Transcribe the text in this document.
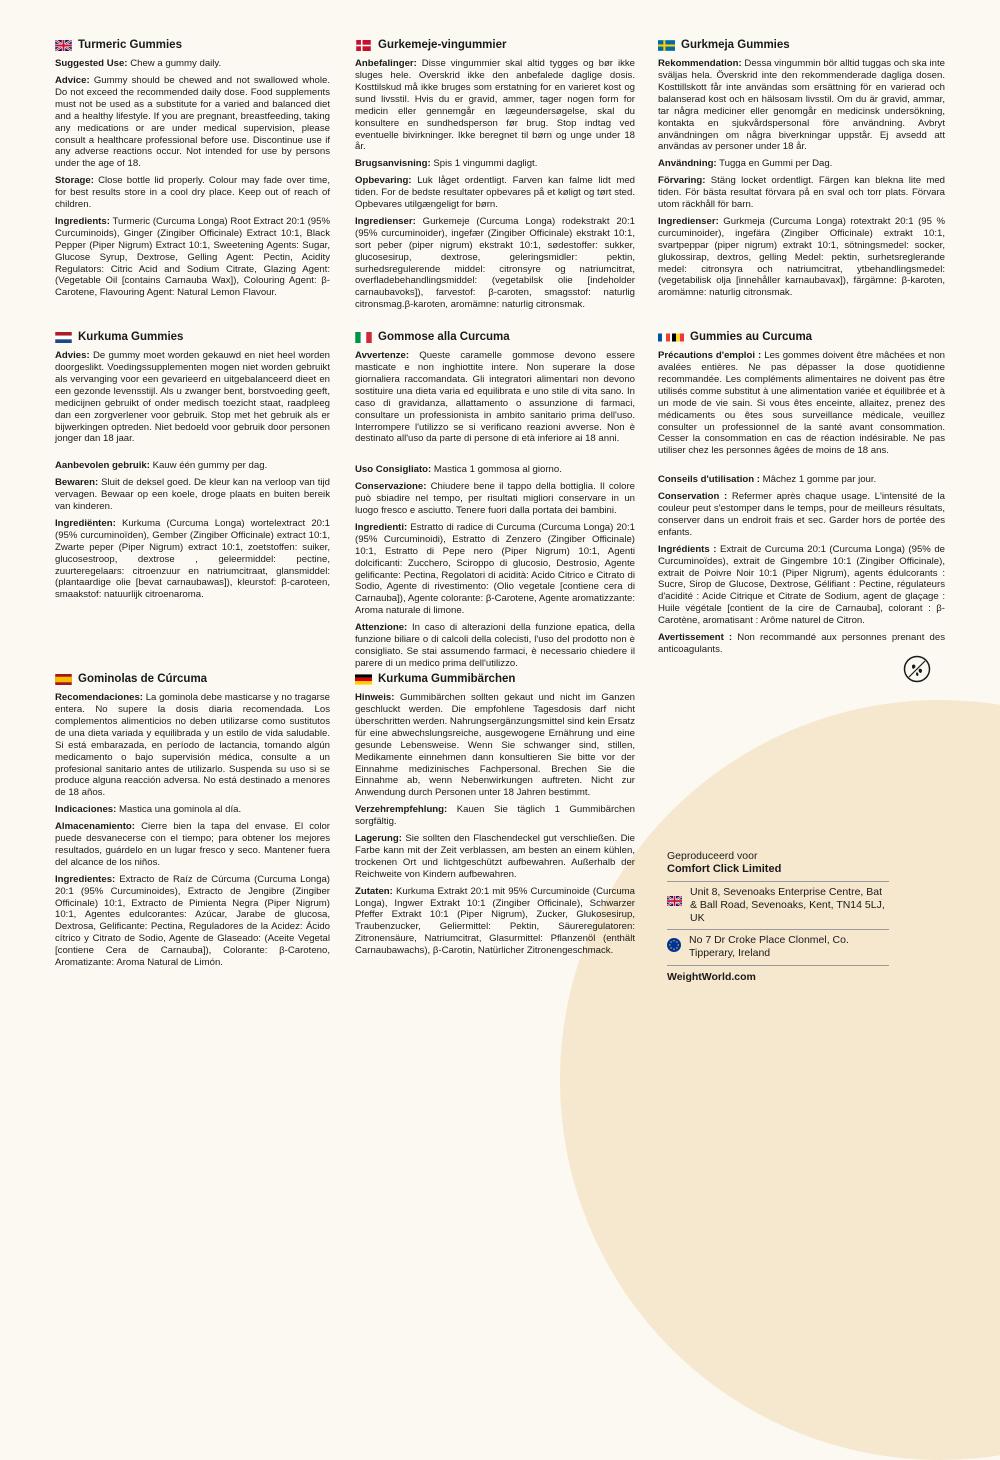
Turmeric Gummies

Suggested Use: Chew a gummy daily.

Advice: Gummy should be chewed and not swallowed whole. Do not exceed the recommended daily dose. Food supplements must not be used as a substitute for a varied and balanced diet and a healthy lifestyle. If you are pregnant, breastfeeding, taking any medications or are under medical supervision, please consult a healthcare professional before use. Discontinue use if any adverse reactions occur. Not intended for use by persons under the age of 18.

Storage: Close bottle lid properly. Colour may fade over time, for best results store in a cool dry place. Keep out of reach of children.

Ingredients: Turmeric (Curcuma Longa) Root Extract 20:1 (95% Curcuminoids), Ginger (Zingiber Officinale) Extract 10:1, Black Pepper (Piper Nigrum) Extract 10:1, Sweetening Agents: Sugar, Glucose Syrup, Dextrose, Gelling Agent: Pectin, Acidity Regulators: Citric Acid and Sodium Citrate, Glazing Agent: (Vegetable Oil [contains Carnauba Wax]), Colouring Agent: β-Carotene, Flavouring Agent: Natural Lemon Flavour.

Gurkemeje-vingummier

Anbefalinger: Disse vingummier skal altid tygges og bør ikke sluges hele. Overskrid ikke den anbefalede daglige dosis. Kosttilskud må ikke bruges som erstatning for en varieret kost og sund livsstil. Hvis du er gravid, ammer, tager nogen form for medicin eller gennemgår en lægeundersøgelse, skal du konsultere en sundhedsperson før brug. Stop indtag ved eventuelle bivirkninger. Ikke beregnet til børn og unge under 18 år.

Brugsanvisning: Spis 1 vingummi dagligt.

Opbevaring: Luk låget ordentligt. Farven kan falme lidt med tiden. For de bedste resultater opbevares på et køligt og tørt sted. Opbevares utilgængeligt for børn.

Ingredienser: Gurkemeje (Curcuma Longa) rodekstrakt 20:1 (95% curcuminoider), ingefær (Zingiber Officinale) ekstrakt 10:1, sort peber (piper nigrum) ekstrakt 10:1, sødestoffer: sukker, glucosesirup, dextrose, geleringsmidler: pektin, surhedsregulerende middel: citronsyre og natriumcitrat, overfladebehandlingsmiddel: (vegetabilsk olie [indeholder carnaubavoks]), farvestof: β-caroten, smagsstof: naturlig citronsmag.β-karoten, aromämne: naturlig citronsmak.

Gurkmeja Gummies

Rekommendation: Dessa vingummin bör alltid tuggas och ska inte sväljas hela. Överskrid inte den rekommenderade dagliga dosen. Kosttillskott får inte användas som ersättning för en varierad och balanserad kost och en hälsosam livsstil. Om du är gravid, ammar, tar några mediciner eller genomgår en medicinsk undersökning, kontakta en sjukvårdspersonal före användning. Avbryt användningen om några biverkningar uppstår. Ej avsedd att användas av personer under 18 år.

Användning: Tugga en Gummi per Dag.

Förvaring: Stäng locket ordentligt. Färgen kan blekna lite med tiden. För bästa resultat förvara på en sval och torr plats. Förvara utom räckhåll för barn.

Ingredienser: Gurkmeja (Curcuma Longa) rotextrakt 20:1 (95 % curcuminoider), ingefära (Zingiber Officinale) extrakt 10:1, svartpeppar (piper nigrum) extrakt 10:1, sötningsmedel: socker, glukossirap, dextros, gelling Medel: pektin, surhetsreglerande medel: citronsyra och natriumcitrat, ytbehandlingsmedel: (vegetabilisk olja [innehåller karnaubavax]), färgämne: β-karoten, aromämne: naturlig citronsmak.

Kurkuma Gummies

Advies: De gummy moet worden gekauwd en niet heel worden doorgeslikt. Voedingssupplementen mogen niet worden gebruikt als vervanging voor een gevarieerd en uitgebalanceerd dieet en een gezonde levensstijl. Als u zwanger bent, borstvoeding geeft, medicijnen gebruikt of onder medisch toezicht staat, raadpleeg dan een zorgverlener voor gebruik. Stop met het gebruik als er bijwerkingen optreden. Niet bedoeld voor gebruik door personen jonger dan 18 jaar.

Aanbevolen gebruik: Kauw één gummy per dag.

Bewaren: Sluit de deksel goed. De kleur kan na verloop van tijd vervagen. Bewaar op een koele, droge plaats en buiten bereik van kinderen.

Ingrediënten: Kurkuma (Curcuma Longa) wortelextract 20:1 (95% curcuminoïden), Gember (Zingiber Officinale) extract 10:1, Zwarte peper (Piper Nigrum) extract 10:1, zoetstoffen: suiker, glucosestroop, dextrose , geleermiddel: pectine, zuurteregelaars: citroenzuur en natriumcitraat, glansmiddel: (plantaardige olie [bevat carnaubawas]), kleurstof: β-caroteen, smaakstof: natuurlijk citroenaroma.

Gommose alla Curcuma

Avvertenze: Queste caramelle gommose devono essere masticate e non inghiottite intere. Non superare la dose giornaliera raccomandata. Gli integratori alimentari non devono sostituire una dieta varia ed equilibrata e uno stile di vita sano. In caso di gravidanza, allattamento o assunzione di farmaci, consultare un professionista in ambito sanitario prima dell'uso. Interrompere l'utilizzo se si verificano reazioni avverse. Non è destinato all'uso da parte di persone di età inferiore ai 18 anni.

Uso Consigliato: Mastica 1 gommosa al giorno.

Conservazione: Chiudere bene il tappo della bottiglia. Il colore può sbiadire nel tempo, per risultati migliori conservare in un luogo fresco e asciutto. Tenere fuori dalla portata dei bambini.

Ingredienti: Estratto di radice di Curcuma (Curcuma Longa) 20:1 (95% Curcuminoidi), Estratto di Zenzero (Zingiber Officinale) 10:1, Estratto di Pepe nero (Piper Nigrum) 10:1, Agenti dolcificanti: Zucchero, Sciroppo di glucosio, Destrosio, Agente gelificante: Pectina, Regolatori di acidità: Acido Citrico e Citrato di Sodio, Agente di rivestimento: (Olio vegetale [contiene cera di Carnauba]), Agente colorante: β-Carotene, Agente aromatizzante: Aroma naturale di limone.

Attenzione: In caso di alterazioni della funzione epatica, della funzione biliare o di calcoli della colecisti, l'uso del prodotto non è consigliato. Se stai assumendo farmaci, è necessario chiedere il parere di un medico prima dell'utilizzo.

Gummies au Curcuma

Précautions d'emploi : Les gommes doivent être mâchées et non avalées entières. Ne pas dépasser la dose quotidienne recommandée. Les compléments alimentaires ne doivent pas être utilisés comme substitut à une alimentation variée et équilibrée et à un mode de vie sain. Si vous êtes enceinte, allaitez, prenez des médicaments ou êtes sous surveillance médicale, veuillez consulter un professionnel de la santé avant consommation. Cesser la consommation en cas de réaction indésirable. Ne pas utiliser chez les personnes âgées de moins de 18 ans.

Conseils d'utilisation : Mâchez 1 gomme par jour.

Conservation : Refermer après chaque usage. L'intensité de la couleur peut s'estomper dans le temps, pour de meilleurs résultats, conserver dans un endroit frais et sec. Garder hors de portée des enfants.

Ingrédients : Extrait de Curcuma 20:1 (Curcuma Longa) (95% de Curcuminoïdes), extrait de Gingembre 10:1 (Zingiber Officinale), extrait de Poivre Noir 10:1 (Piper Nigrum), agents édulcorants : Sucre, Sirop de Glucose, Dextrose, Gélifiant : Pectine, régulateurs d'acidité : Acide Citrique et Citrate de Sodium, agent de glaçage : Huile végétale [contient de la cire de Carnauba], colorant : β-Carotène, aromatisant : Arôme naturel de Citron.

Avertissement : Non recommandé aux personnes prenant des anticoagulants.

Gominolas de Cúrcuma

Recomendaciones: La gominola debe masticarse y no tragarse entera. No supere la dosis diaria recomendada. Los complementos alimenticios no deben utilizarse como sustitutos de una dieta variada y equilibrada y un estilo de vida saludable. Si está embarazada, en período de lactancia, tomando algún medicamento o bajo supervisión médica, consulte a un profesional sanitario antes de utilizarlo. Suspenda su uso si se produce alguna reacción adversa. No está destinado a menores de 18 años.

Indicaciones: Mastica una gominola al día.

Almacenamiento: Cierre bien la tapa del envase. El color puede desvanecerse con el tiempo; para obtener los mejores resultados, guárdelo en un lugar fresco y seco. Mantener fuera del alcance de los niños.

Ingredientes: Extracto de Raíz de Cúrcuma (Curcuma Longa) 20:1 (95% Curcuminoides), Extracto de Jengibre (Zingiber Officinale) 10:1, Extracto de Pimienta Negra (Piper Nigrum) 10:1, Agentes edulcorantes: Azúcar, Jarabe de glucosa, Dextrosa, Gelificante: Pectina, Reguladores de la Acidez: Ácido cítrico y Citrato de Sodio, Agente de Glaseado: (Aceite Vegetal [contiene Cera de Carnauba]), Colorante: β-Caroteno, Aromatizante: Aroma Natural de Limón.

Kurkuma Gummibärchen

Hinweis: Gummibärchen sollten gekaut und nicht im Ganzen geschluckt werden. Die empfohlene Tagesdosis darf nicht überschritten werden. Nahrungsergänzungsmittel sind kein Ersatz für eine abwechslungsreiche, ausgewogene Ernährung und eine gesunde Lebensweise. Wenn Sie schwanger sind, stillen, Medikamente einnehmen dann konsultieren Sie bitte vor der Einnahme medizinisches Fachpersonal. Brechen Sie die Einnahme ab, wenn Nebenwirkungen auftreten. Nicht zur Anwendung durch Personen unter 18 Jahren bestimmt.

Verzehrempfehlung: Kauen Sie täglich 1 Gummibärchen sorgfältig.

Lagerung: Sie sollten den Flaschendeckel gut verschließen. Die Farbe kann mit der Zeit verblassen, am besten an einem kühlen, trockenen Ort und lichtgeschützt aufbewahren. Außerhalb der Reichweite von Kindern aufbewahren.

Zutaten: Kurkuma Extrakt 20:1 mit 95% Curcuminoide (Curcuma Longa), Ingwer Extrakt 10:1 (Zingiber Officinale), Schwarzer Pfeffer Extrakt 10:1 (Piper Nigrum), Zucker, Glukosesirup, Traubenzucker, Geliermittel: Pektin, Säureregulatoren: Zitronensäure, Natriumcitrat, Glasurmittel: Pflanzenöl (enthält Carnaubawachs), β-Carotin, Natürlicher Zitronengeschmack.

Geproduceerd voor
Comfort Click Limited
Unit 8, Sevenoaks Enterprise Centre, Bat & Ball Road, Sevenoaks, Kent, TN14 5LJ, UK
No 7 Dr Croke Place Clonmel, Co. Tipperary, Ireland
WeightWorld.com
